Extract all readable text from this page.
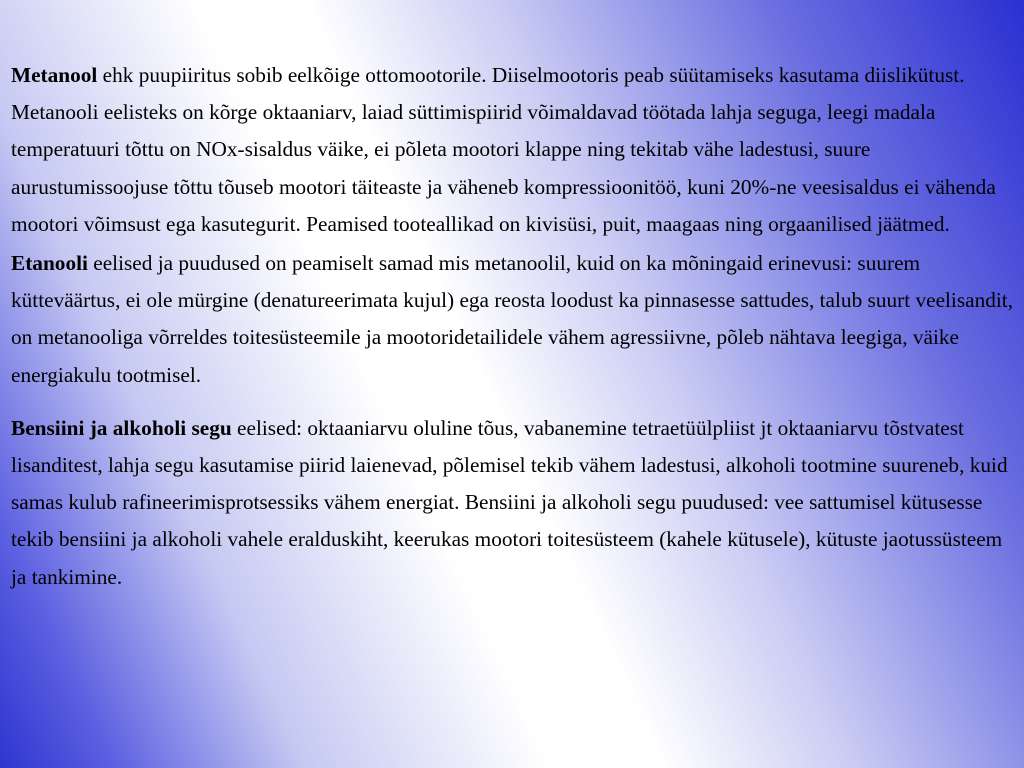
Metanool ehk puupiiritus sobib eelkõige ottomootorile. Diiselmootoris peab süütamiseks kasutama diislikütust. Metanooli eelisteks on kõrge oktaaniarv, laiad süttimispiirid võimaldavad töötada lahja seguga, leegi madala temperatuuri tõttu on NOx-sisaldus väike, ei põleta mootori klappe ning tekitab vähe ladestusi, suure aurustumissoojuse tõttu tõuseb mootori täiteaste ja väheneb kompressioonitöö, kuni 20%-ne veesisaldus ei vähenda mootori võimsust ega kasutegurit. Peamised tooteallikad on kivisüsi, puit, maagaas ning orgaanilised jäätmed.

Etanooli eelised ja puudused on peamiselt samad mis metanoolil, kuid on ka mõningaid erinevusi: suurem kütteväärtus, ei ole mürgine (denatureerimata kujul) ega reosta loodust ka pinnasesse sattudes, talub suurt veelisandit, on metanooliga võrreldes toitesüsteemile ja mootoridetailidele vähem agressiivne, põleb nähtava leegiga, väike energiakulu tootmisel.

Bensiini ja alkoholi segu eelised: oktaaniarvu oluline tõus, vabanemine tetraetüülpliist jt oktaaniarvu tõstvatest lisanditest, lahja segu kasutamise piirid laienevad, põlemisel tekib vähem ladestusi, alkoholi tootmine suureneb, kuid samas kulub rafineerimisprotsessiks vähem energiat. Bensiini ja alkoholi segu puudused: vee sattumisel kütusesse tekib bensiini ja alkoholi vahele eralduskiht, keerukas mootori toitesüsteem (kahele kütusele), kütuste jaotussüsteem ja tankimine.
